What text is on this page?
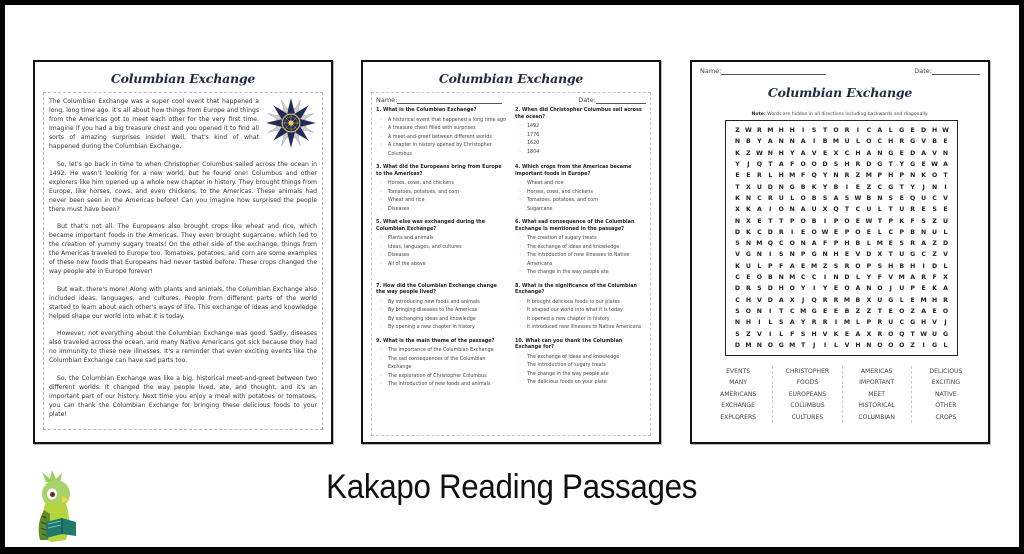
Columbian Exchange

The Columbian Exchange was a super cool event that happened a long, long time ago. It's all about how things from Europe and things from the Americas got to meet each other for the very first time. Imagine if you had a big treasure chest and you opened it to find all sorts of amazing surprises inside! Well, that's kind of what happened during the Columbian Exchange.

So, let's go back in time to when Christopher Columbus sailed across the ocean in 1492. He wasn't looking for a new world, but he found one! Columbus and other explorers like him opened up a whole new chapter in history. They brought things from Europe, like horses, cows, and even chickens, to the Americas. These animals had never been seen in the Americas before! Can you imagine how surprised the people there must have been?

But that's not all. The Europeans also brought crops like wheat and rice, which became important foods in the Americas. They even brought sugarcane, which led to the creation of yummy sugary treats! On the other side of the exchange, things from the Americas traveled to Europe too. Tomatoes, potatoes, and corn are some examples of these new foods that Europeans had never tasted before. These crops changed the way people ate in Europe forever!

But wait, there's more! Along with plants and animals, the Columbian Exchange also included ideas, languages, and cultures. People from different parts of the world started to learn about each other's ways of life. This exchange of ideas and knowledge helped shape our world into what it is today.

However, not everything about the Columbian Exchange was good. Sadly, diseases also traveled across the ocean, and many Native Americans got sick because they had no immunity to these new illnesses. It's a reminder that even exciting events like the Columbian Exchange can have sad parts too.

So, the Columbian Exchange was like a big, historical meet-and-greet between two different worlds. It changed the way people lived, ate, and thought, and it's an important part of our history. Next time you enjoy a meal with potatoes or tomatoes, you can thank the Columbian Exchange for bringing these delicious foods to your plate!

Columbian Exchange
Name:	Date:
1. What is the Columbian Exchange?
◦ A historical event that happened a long time ago
◦ A treasure chest filled with surprises
◦ A meet-and-greet between different worlds
◦ A chapter in history opened by Christopher Columbus
2. When did Christopher Columbus sail across the ocean?
◦ 1492
◦ 1776
◦ 1620
◦ 1804
3. What did the Europeans bring from Europe to the Americas?
◦ Horses, cows, and chickens
◦ Tomatoes, potatoes, and corn
◦ Wheat and rice
◦ Diseases
4. Which crops from the Americas became important foods in Europe?
◦ Wheat and rice
◦ Horses, cows, and chickens
◦ Tomatoes, potatoes, and corn
◦ Sugarcane
5. What else was exchanged during the Columbian Exchange?
◦ Plants and animals
◦ Ideas, languages, and cultures
◦ Diseases
◦ All of the above
6. What sad consequence of the Columbian Exchange is mentioned in the passage?
◦ The creation of sugary treats
◦ The exchange of ideas and knowledge
◦ The introduction of new illnesses to Native Americans
◦ The change in the way people ate
7. How did the Columbian Exchange change the way people lived?
◦ By introducing new foods and animals
◦ By bringing diseases to the Americas
◦ By exchanging ideas and knowledge
◦ By opening a new chapter in history
8. What is the significance of the Columbian Exchange?
◦ It brought delicious foods to our plates
◦ It shaped our world into what it is today
◦ It opened a new chapter in history
◦ It introduced new illnesses to Native Americans
9. What is the main theme of the passage?
◦ The importance of the Columbian Exchange
◦ The sad consequences of the Columbian Exchange
◦ The exploration of Christopher Columbus
◦ The introduction of new foods and animals
10. What can you thank the Columbian Exchange for?
◦ The exchange of ideas and knowledge
◦ The introduction of sugary treats
◦ The change in the way people ate
◦ The delicious foods on your plate
Name:	Date:
Columbian Exchange
Note: Words are hidden in all directions including backwards and diagonally.
Z W R M H H	I	S	T O R	I	C	A	L	G	E	D H W
N B	Y	A N N A	I	B M U	L	O C H R G V B	E
K	Z W N H Y	A V	E	X	C H A N G	E	D A V N
Y	J	Q	T	A	F	O O D S H R D G	T	Y G	E W A
E	E	R	L	H M F	Q Y N R	Z M P H P N K O T
T	X U D N G B	K	Y	B	I	E	Z	C G	T	Y	J	N	I
K N C	R U	L	O B	S	A	S W B N S	E	Q U C	V
X K A	I	O N A U X Q	T	C U	L	T	U R	E	S	E
N X	E	T	T	P O B	I	P O	E W T	P	K	F	S	Z U
D K	C D R	I	E	O W E	P O	E	L	C	P	B N U	L
S N M Q C O N A	F	P H B	L M E	S	R A	Z D
V G N	I	S N P G N H	E	V D X	T	U G C	Z	V
K U	L	P	F	A	E M Z	S	R O P	S H B H	I	D	L
C	E	O B N M C	C	I	N D	L	Y	F	V M A R	F	X
D R	S D H O Y	I	Y	E	O A N O	J	U P	E	K A
C H V D A X	J	Q R R M B	X U G	L	E M H R
S O N	I	T	C M G	E	E	B	Z	Z	T	E	O Z	A	E O
N H	I	L	S	A	Y	R R	I	M L	P	R U C G H V	J
S	Z	V	I	L	F	S H V K	E	A X R O Q	T W U G
D M N O G M T	J	I	L	V H N O O O Z	I	G	L
EVENTS
MANY
AMERICANS
EXCHANGE
EXPLORERS
CHRISTOPHER
FOODS
EUROPEANS
COLUMBUS
CULTURES
AMERICAS
IMPORTANT
MEET
HISTORICAL
COLUMBIAN
DELICIOUS
EXCITING
NATIVE
OTHER
CROPS
Kakapo Reading Passages
